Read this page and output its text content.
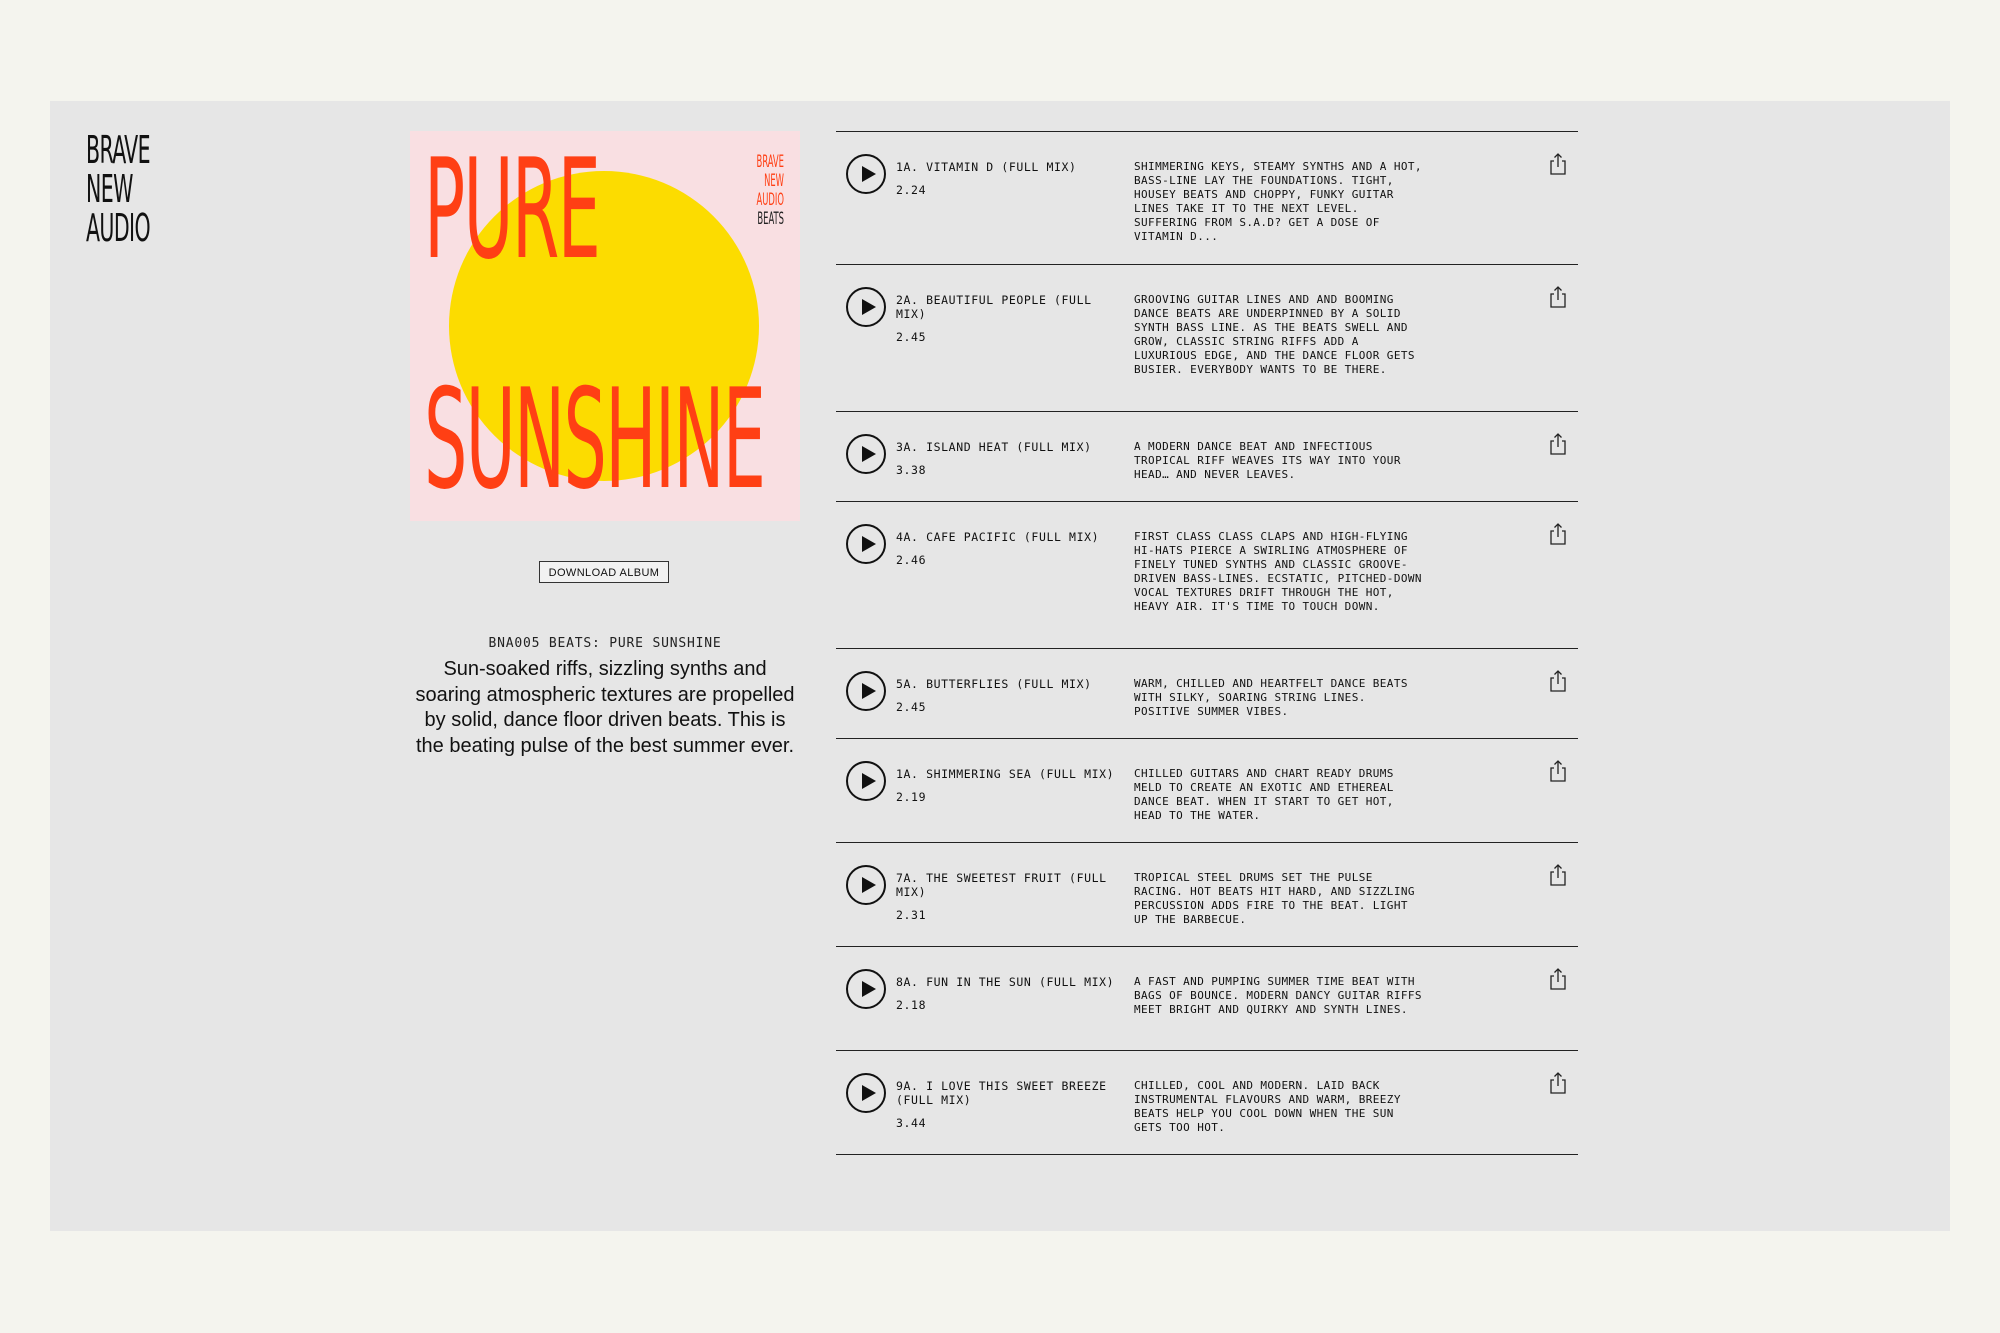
BRAVE
NEW
AUDIO PURE
SUNSHINE
BRAVE
NEW
AUDIO
BEATS
DOWNLOAD ALBUM
BNA005 BEATS: PURE SUNSHINE
Sun-soaked riffs, sizzling synths and soaring atmospheric textures are propelled by solid, dance floor driven beats. This is the beating pulse of the best summer ever.
1A. VITAMIN D (FULL MIX)
2.24
SHIMMERING KEYS, STEAMY SYNTHS AND A HOT, BASS-LINE LAY THE FOUNDATIONS. TIGHT, HOUSEY BEATS AND CHOPPY, FUNKY GUITAR LINES TAKE IT TO THE NEXT LEVEL. SUFFERING FROM S.A.D? GET A DOSE OF VITAMIN D...
2A. BEAUTIFUL PEOPLE (FULL MIX)
2.45
GROOVING GUITAR LINES AND AND BOOMING DANCE BEATS ARE UNDERPINNED BY A SOLID SYNTH BASS LINE. AS THE BEATS SWELL AND GROW, CLASSIC STRING RIFFS ADD A LUXURIOUS EDGE, AND THE DANCE FLOOR GETS BUSIER. EVERYBODY WANTS TO BE THERE.
3A. ISLAND HEAT (FULL MIX)
3.38
A MODERN DANCE BEAT AND INFECTIOUS TROPICAL RIFF WEAVES ITS WAY INTO YOUR HEAD… AND NEVER LEAVES.
4A. CAFE PACIFIC (FULL MIX)
2.46
FIRST CLASS CLASS CLAPS AND HIGH-FLYING HI-HATS PIERCE A SWIRLING ATMOSPHERE OF FINELY TUNED SYNTHS AND CLASSIC GROOVE-DRIVEN BASS-LINES. ECSTATIC, PITCHED-DOWN VOCAL TEXTURES DRIFT THROUGH THE HOT, HEAVY AIR. IT'S TIME TO TOUCH DOWN.
5A. BUTTERFLIES (FULL MIX)
2.45
WARM, CHILLED AND HEARTFELT DANCE BEATS WITH SILKY, SOARING STRING LINES. POSITIVE SUMMER VIBES.
1A. SHIMMERING SEA (FULL MIX)
2.19
CHILLED GUITARS AND CHART READY DRUMS MELD TO CREATE AN EXOTIC AND ETHEREAL DANCE BEAT. WHEN IT START TO GET HOT, HEAD TO THE WATER.
7A. THE SWEETEST FRUIT (FULL MIX)
2.31
TROPICAL STEEL DRUMS SET THE PULSE RACING. HOT BEATS HIT HARD, AND SIZZLING PERCUSSION ADDS FIRE TO THE BEAT. LIGHT UP THE BARBECUE.
8A. FUN IN THE SUN (FULL MIX)
2.18
A FAST AND PUMPING SUMMER TIME BEAT WITH BAGS OF BOUNCE. MODERN DANCY GUITAR RIFFS MEET BRIGHT AND QUIRKY AND SYNTH LINES.
9A. I LOVE THIS SWEET BREEZE (FULL MIX)
3.44
CHILLED, COOL AND MODERN. LAID BACK INSTRUMENTAL FLAVOURS AND WARM, BREEZY BEATS HELP YOU COOL DOWN WHEN THE SUN GETS TOO HOT.
